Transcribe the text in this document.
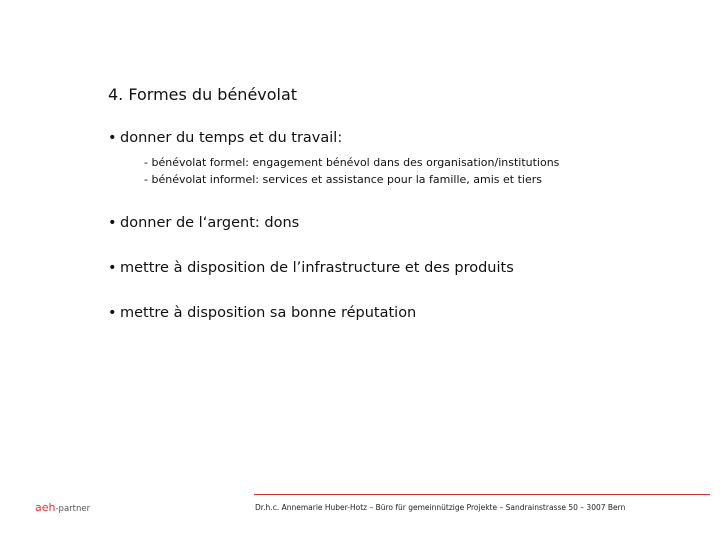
4. Formes du bénévolat
• donner du temps et du travail:
- bénévolat formel: engagement bénévol dans des organisation/institutions
- bénévolat informel: services et assistance pour la famille, amis et tiers
• donner de l‘argent: dons
• mettre à disposition de l’infrastructure et des produits
• mettre à disposition sa bonne réputation
aeh-partner	Dr.h.c. Annemarie Huber-Hotz – Büro für gemeinnützige Projekte – Sandrainstrasse 50 – 3007 Bern
